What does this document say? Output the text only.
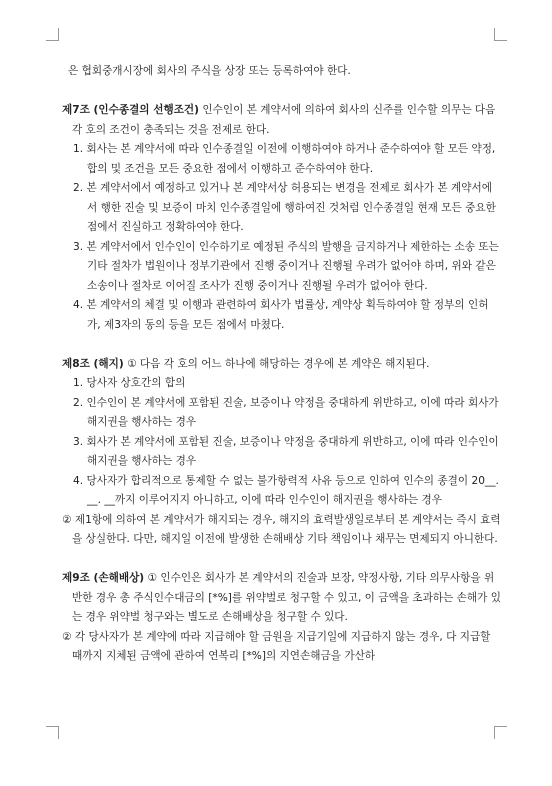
은 협회중개시장에 회사의 주식을 상장 또는 등록하여야 한다.

제7조 (인수종결의 선행조건) 인수인이 본 계약서에 의하여 회사의 신주를 인수할 의무는 다음 각 호의 조건이 충족되는 것을 전제로 한다.

1. 회사는 본 계약서에 따라 인수종결일 이전에 이행하여야 하거나 준수하여야 할 모든 약정, 합의 및 조건을 모든 중요한 점에서 이행하고 준수하여야 한다.

2. 본 계약서에서 예정하고 있거나 본 계약서상 허용되는 변경을 전제로 회사가 본 계약서에서 행한 진술 및 보증이 마치 인수종결일에 행하여진 것처럼 인수종결일 현재 모든 중요한 점에서 진실하고 정확하여야 한다.

3. 본 계약서에서 인수인이 인수하기로 예정된 주식의 발행을 금지하거나 제한하는 소송 또는 기타 절차가 법원이나 정부기관에서 진행 중이거나 진행될 우려가 없어야 하며, 위와 같은 소송이나 절차로 이어질 조사가 진행 중이거나 진행될 우려가 없어야 한다.

4. 본 계약서의 체결 및 이행과 관련하여 회사가 법률상, 계약상 획득하여야 할 정부의 인허가, 제3자의 동의 등을 모든 점에서 마쳤다.

제8조 (해지) ① 다음 각 호의 어느 하나에 해당하는 경우에 본 계약은 해지된다.

1. 당사자 상호간의 합의

2. 인수인이 본 계약서에 포함된 진술, 보증이나 약정을 중대하게 위반하고, 이에 따라 회사가 해지권을 행사하는 경우

3. 회사가 본 계약서에 포함된 진술, 보증이나 약정을 중대하게 위반하고, 이에 따라 인수인이 해지권을 행사하는 경우

4. 당사자가 합리적으로 통제할 수 없는 불가항력적 사유 등으로 인하여 인수의 종결이 20__. __. __까지 이루어지지 아니하고, 이에 따라 인수인이 해지권을 행사하는 경우

② 제1항에 의하여 본 계약서가 해지되는 경우, 해지의 효력발생일로부터 본 계약서는 즉시 효력을 상실한다. 다만, 해지일 이전에 발생한 손해배상 기타 책임이나 채무는 면제되지 아니한다.

제9조 (손해배상) ① 인수인은 회사가 본 계약서의 진술과 보장, 약정사항, 기타 의무사항을 위반한 경우 총 주식인수대금의 [*%]를 위약벌로 청구할 수 있고, 이 금액을 초과하는 손해가 있는 경우 위약벌 청구와는 별도로 손해배상을 청구할 수 있다.

② 각 당사자가 본 계약에 따라 지급해야 할 금원을 지급기일에 지급하지 않는 경우, 다 지급할 때까지 지체된 금액에 관하여 연복리 [*%]의 지연손해금을 가산하
